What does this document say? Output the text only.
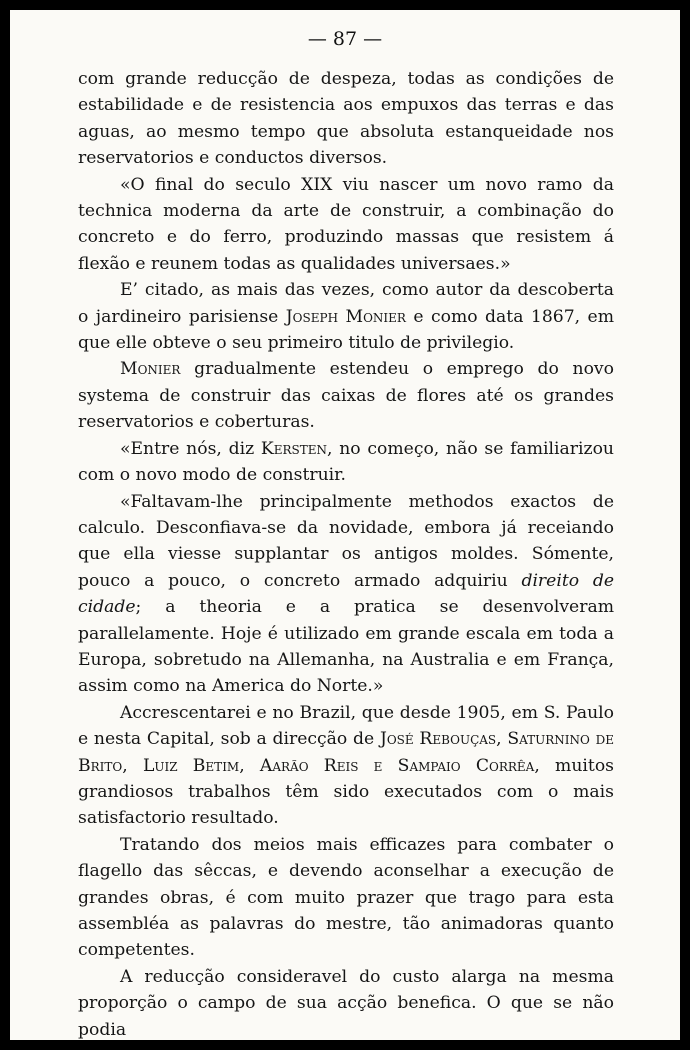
— 87 —

com grande reducção de despeza, todas as condições de estabilidade e de resistencia aos empuxos das terras e das aguas, ao mesmo tempo que absoluta estanqueidade nos reservatorios e conductos diversos.

«O final do seculo XIX viu nascer um novo ramo da technica moderna da arte de construir, a combinação do concreto e do ferro, produzindo massas que resistem á flexão e reunem todas as qualidades universaes.»

E’ citado, as mais das vezes, como autor da descoberta o jardineiro parisiense Joseph Monier e como data 1867, em que elle obteve o seu primeiro titulo de privilegio.

Monier gradualmente estendeu o emprego do novo systema de construir das caixas de flores até os grandes reservatorios e coberturas.

«Entre nós, diz Kersten, no começo, não se familiarizou com o novo modo de construir.

«Faltavam-lhe principalmente methodos exactos de calculo. Desconfiava-se da novidade, embora já receiando que ella viesse supplantar os antigos moldes. Sómente, pouco a pouco, o concreto armado adquiriu direito de cidade; a theoria e a pratica se desenvolveram parallelamente. Hoje é utilizado em grande escala em toda a Europa, sobretudo na Allemanha, na Australia e em França, assim como na America do Norte.»

Accrescentarei e no Brazil, que desde 1905, em S. Paulo e nesta Capital, sob a direcção de José Rebouças, Saturnino de Brito, Luiz Betim, Aarão Reis e Sampaio Corrêa, muitos grandiosos trabalhos têm sido executados com o mais satisfactorio resultado.

Tratando dos meios mais efficazes para combater o flagello das sêccas, e devendo aconselhar a execução de grandes obras, é com muito prazer que trago para esta assembléa as palavras do mestre, tão animadoras quanto competentes.

A reducção consideravel do custo alarga na mesma proporção o campo de sua acção benefica. O que se não podia
